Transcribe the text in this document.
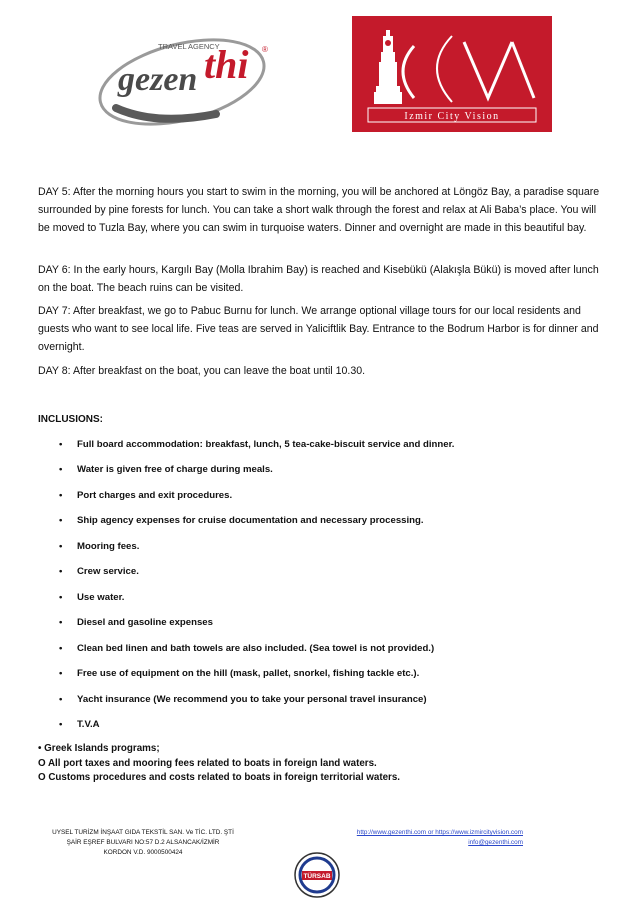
TRAVEL AGENCY
gezen thi ®
Izmir City Vision

DAY 5: After the morning hours you start to swim in the morning, you will be anchored at Löngöz Bay, a paradise square surrounded by pine forests for lunch. You can take a short walk through the forest and relax at Ali Baba’s place. You will be moved to Tuzla Bay, where you can swim in turquoise waters. Dinner and overnight are made in this beautiful bay.

DAY 6: In the early hours, Kargılı Bay (Molla Ibrahim Bay) is reached and Kisebükü (Alakışla Bükü) is moved after lunch on the boat. The beach ruins can be visited.

DAY 7: After breakfast, we go to Pabuc Burnu for lunch. We arrange optional village tours for our local residents and guests who want to see local life. Five teas are served in Yaliciftlik Bay. Entrance to the Bodrum Harbor is for dinner and overnight.

DAY 8: After breakfast on the boat, you can leave the boat until 10.30.

INCLUSIONS:

• Full board accommodation: breakfast, lunch, 5 tea-cake-biscuit service and dinner.
• Water is given free of charge during meals.
• Port charges and exit procedures.
• Ship agency expenses for cruise documentation and necessary processing.
• Mooring fees.
• Crew service.
• Use water.
• Diesel and gasoline expenses
• Clean bed linen and bath towels are also included. (Sea towel is not provided.)
• Free use of equipment on the hill (mask, pallet, snorkel, fishing tackle etc.).
• Yacht insurance (We recommend you to take your personal travel insurance)
• T.V.A
• Greek Islands programs;
O All port taxes and mooring fees related to boats in foreign land waters.
O Customs procedures and costs related to boats in foreign territorial waters.
UYSEL TURİZM İNŞAAT GIDA TEKSTİL SAN. Ve TİC. LTD. ŞTİ
ŞAİR EŞREF BULVARI NO:57 D.2 ALSANCAK/İZMİR
KORDON V.D. 9000500424
http://www.gezenthi.com or https://www.izmircityvision.com
info@gezenthi.com
TÜRSAB
